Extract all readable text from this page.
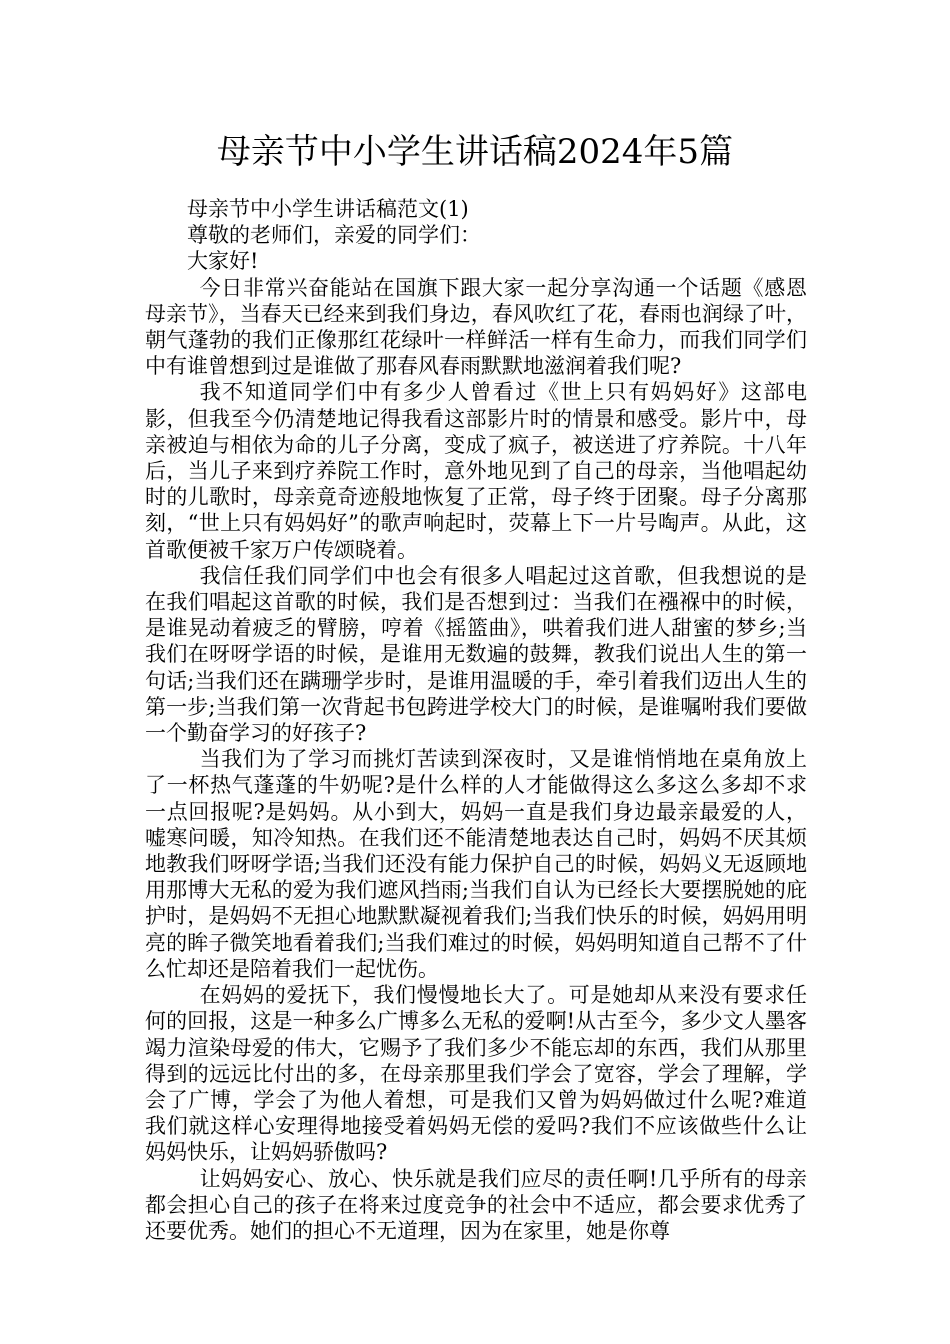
母亲节中小学生讲话稿2024年5篇

母亲节中小学生讲话稿范文(1)

尊敬的老师们，亲爱的同学们：

大家好!

今日非常兴奋能站在国旗下跟大家一起分享沟通一个话题《感恩母亲节》，当春天已经来到我们身边，春风吹红了花，春雨也润绿了叶，朝气蓬勃的我们正像那红花绿叶一样鲜活一样有生命力，而我们同学们中有谁曾想到过是谁做了那春风春雨默默地滋润着我们呢?

我不知道同学们中有多少人曾看过《世上只有妈妈好》这部电影，但我至今仍清楚地记得我看这部影片时的情景和感受。影片中，母亲被迫与相依为命的儿子分离，变成了疯子，被送进了疗养院。十八年后，当儿子来到疗养院工作时，意外地见到了自己的母亲，当他唱起幼时的儿歌时，母亲竟奇迹般地恢复了正常，母子终于团聚。母子分离那刻，“世上只有妈妈好”的歌声响起时，荧幕上下一片号啕声。从此，这首歌便被千家万户传颂晓着。

我信任我们同学们中也会有很多人唱起过这首歌，但我想说的是在我们唱起这首歌的时候，我们是否想到过：当我们在襁褓中的时候，是谁晃动着疲乏的臂膀，哼着《摇篮曲》，哄着我们进人甜蜜的梦乡;当我们在呀呀学语的时候，是谁用无数遍的鼓舞，教我们说出人生的第一句话;当我们还在蹒珊学步时，是谁用温暖的手，牵引着我们迈出人生的第一步;当我们第一次背起书包跨进学校大门的时候，是谁嘱咐我们要做一个勤奋学习的好孩子?

当我们为了学习而挑灯苦读到深夜时，又是谁悄悄地在桌角放上了一杯热气蓬蓬的牛奶呢?是什么样的人才能做得这么多这么多却不求一点回报呢?是妈妈。从小到大，妈妈一直是我们身边最亲最爱的人，嘘寒问暖，知冷知热。在我们还不能清楚地表达自己时，妈妈不厌其烦地教我们呀呀学语;当我们还没有能力保护自己的时候，妈妈义无返顾地用那博大无私的爱为我们遮风挡雨;当我们自认为已经长大要摆脱她的庇护时，是妈妈不无担心地默默凝视着我们;当我们快乐的时候，妈妈用明亮的眸子微笑地看着我们;当我们难过的时候，妈妈明知道自己帮不了什么忙却还是陪着我们一起忧伤。

在妈妈的爱抚下，我们慢慢地长大了。可是她却从来没有要求任何的回报，这是一种多么广博多么无私的爱啊!从古至今，多少文人墨客竭力渲染母爱的伟大，它赐予了我们多少不能忘却的东西，我们从那里得到的远远比付出的多，在母亲那里我们学会了宽容，学会了理解，学会了广博，学会了为他人着想，可是我们又曾为妈妈做过什么呢?难道我们就这样心安理得地接受着妈妈无偿的爱吗?我们不应该做些什么让妈妈快乐，让妈妈骄傲吗?

让妈妈安心、放心、快乐就是我们应尽的责任啊!几乎所有的母亲都会担心自己的孩子在将来过度竞争的社会中不适应，都会要求优秀了还要优秀。她们的担心不无道理，因为在家里，她是你尊
